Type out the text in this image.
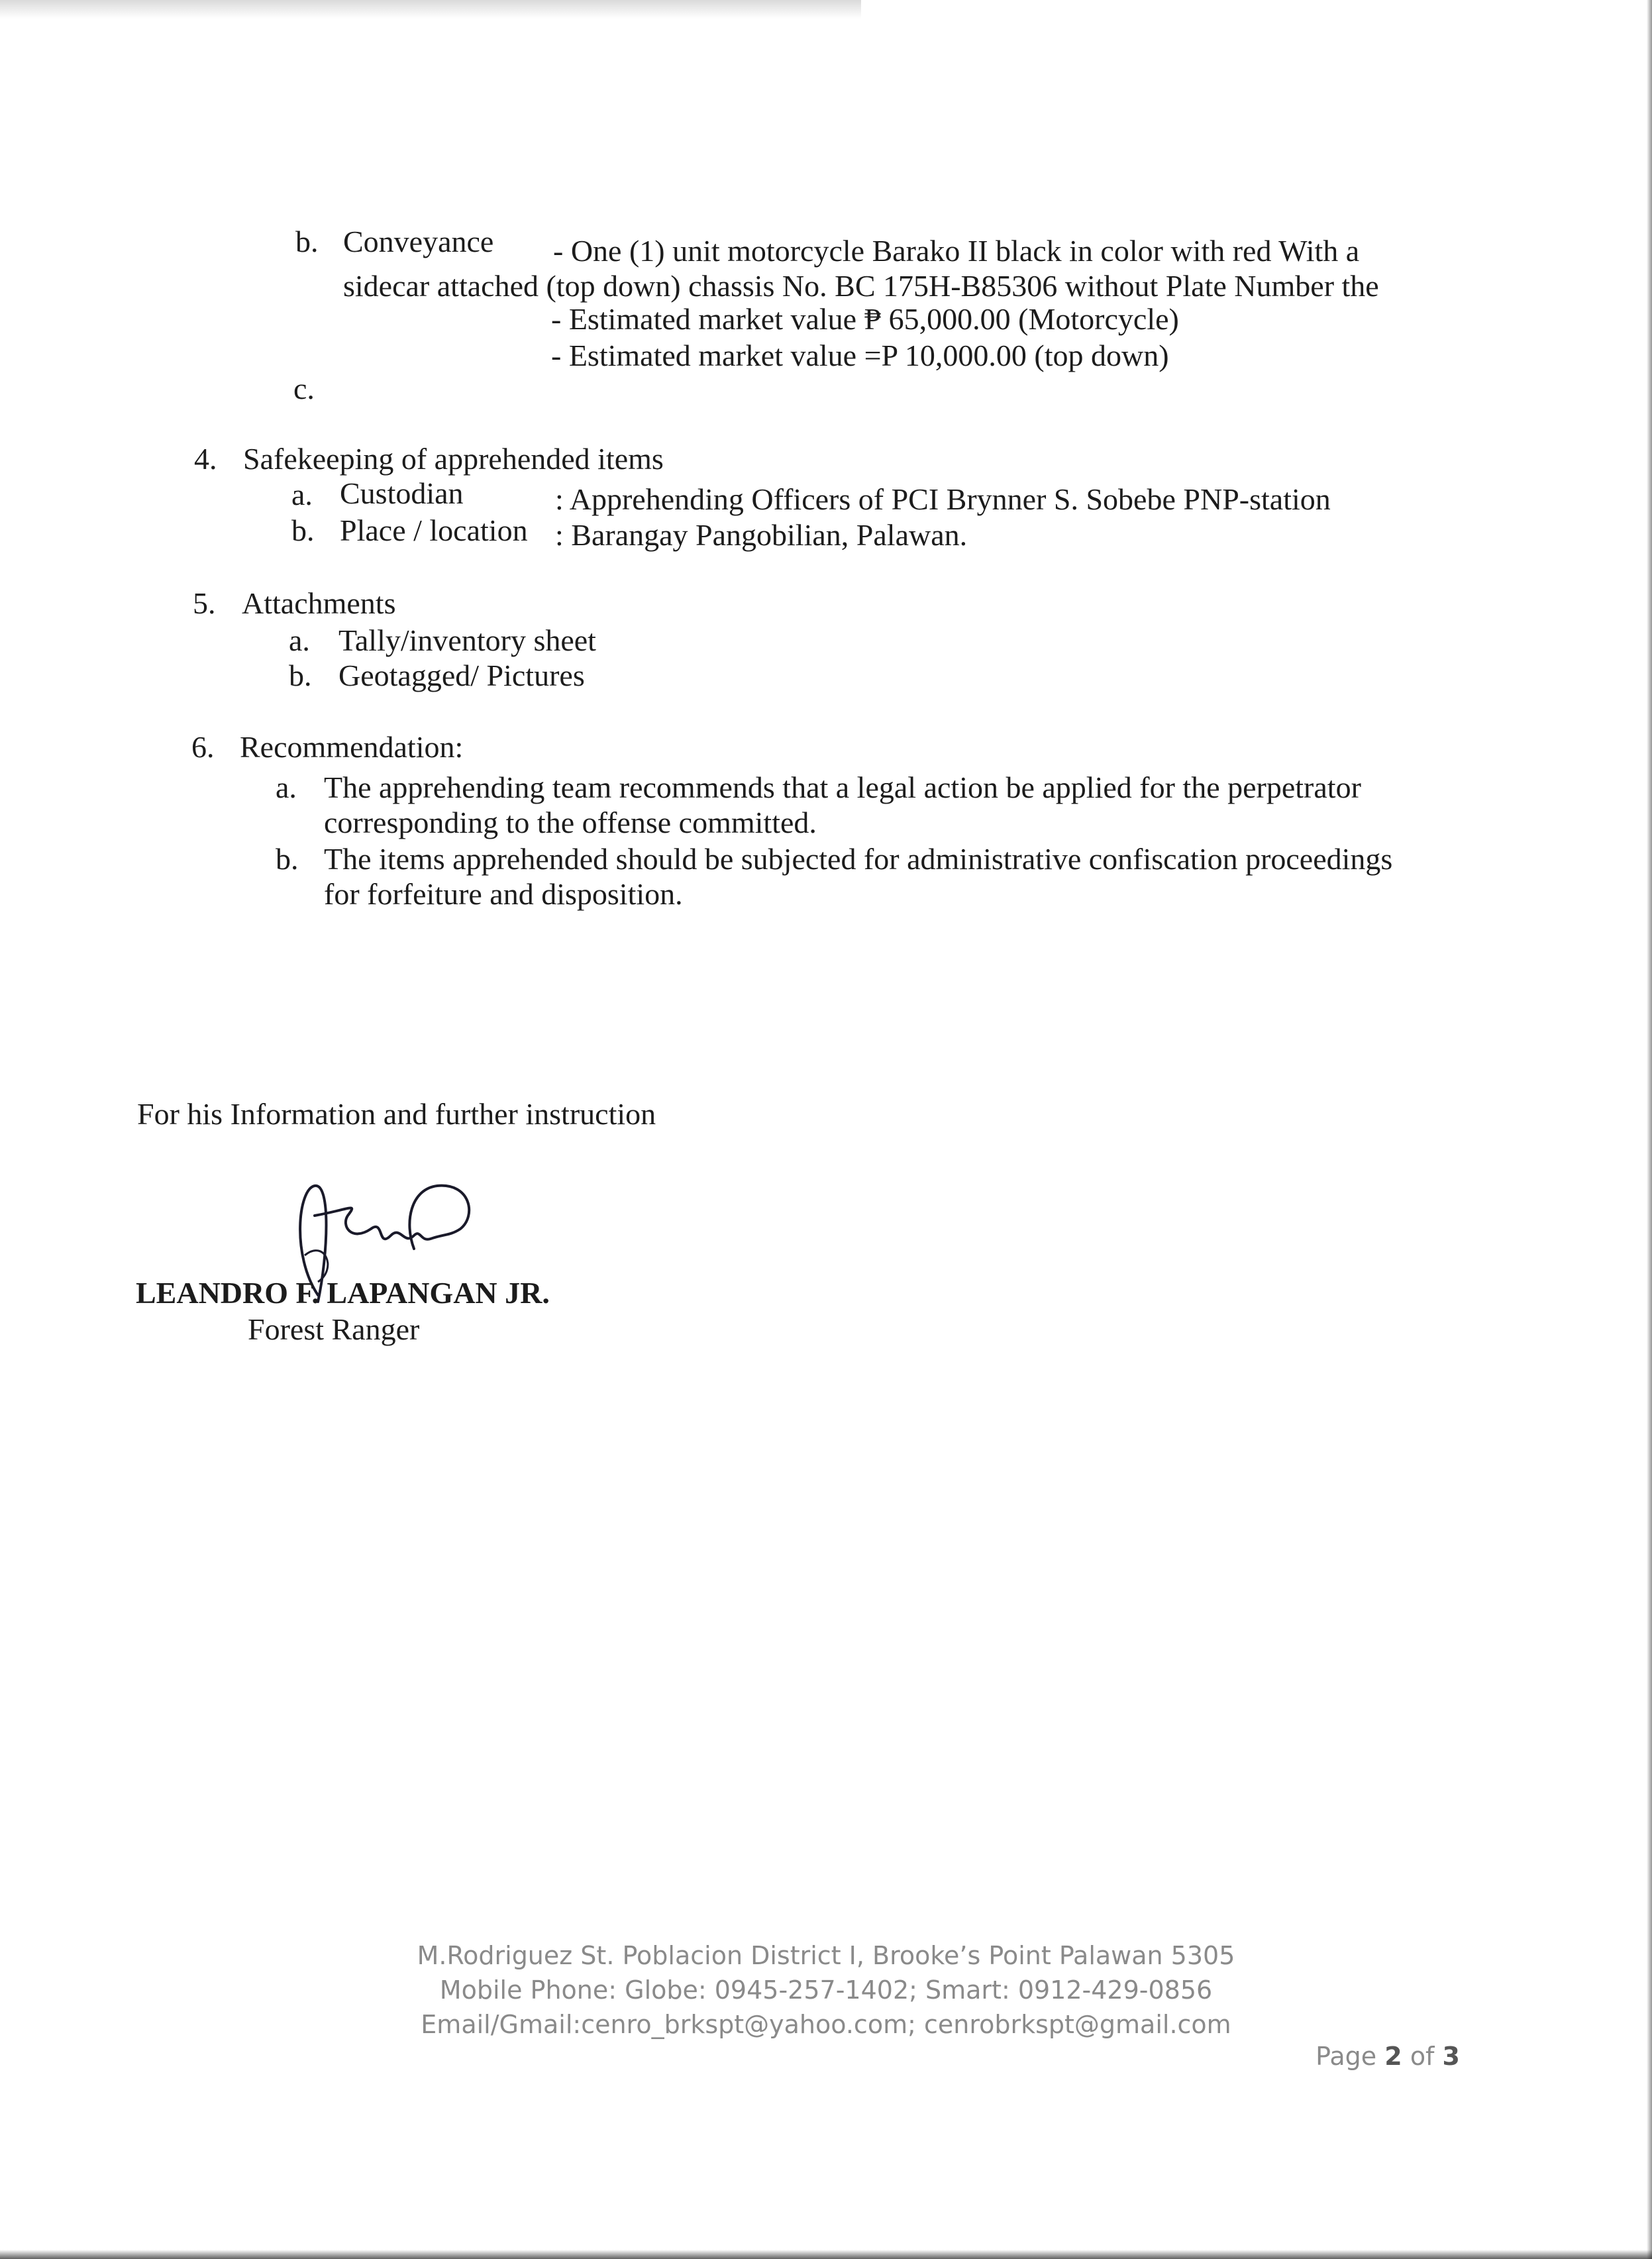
b. Conveyance - One (1) unit motorcycle Barako II black in color with red With a
sidecar attached (top down) chassis No. BC 175H-B85306 without Plate Number the
- Estimated market value ₱ 65,000.00 (Motorcycle)
- Estimated market value =P 10,000.00 (top down)
c.
4. Safekeeping of apprehended items
a. Custodian	: Apprehending Officers of PCI Brynner S. Sobebe PNP-station
b. Place / location : Barangay Pangobilian, Palawan.
5. Attachments
a. Tally/inventory sheet
b. Geotagged/ Pictures
6. Recommendation:
a. The apprehending team recommends that a legal action be applied for the perpetrator
corresponding to the offense committed.
b. The items apprehended should be subjected for administrative confiscation proceedings
for forfeiture and disposition.
For his Information and further instruction
LEANDRO F. LAPANGAN JR.
Forest Ranger
M.Rodriguez St. Poblacion District I, Brooke’s Point Palawan 5305
Mobile Phone: Globe: 0945-257-1402; Smart: 0912-429-0856
Email/Gmail:cenro_brkspt@yahoo.com; cenrobrkspt@gmail.com
Page 2 of 3
